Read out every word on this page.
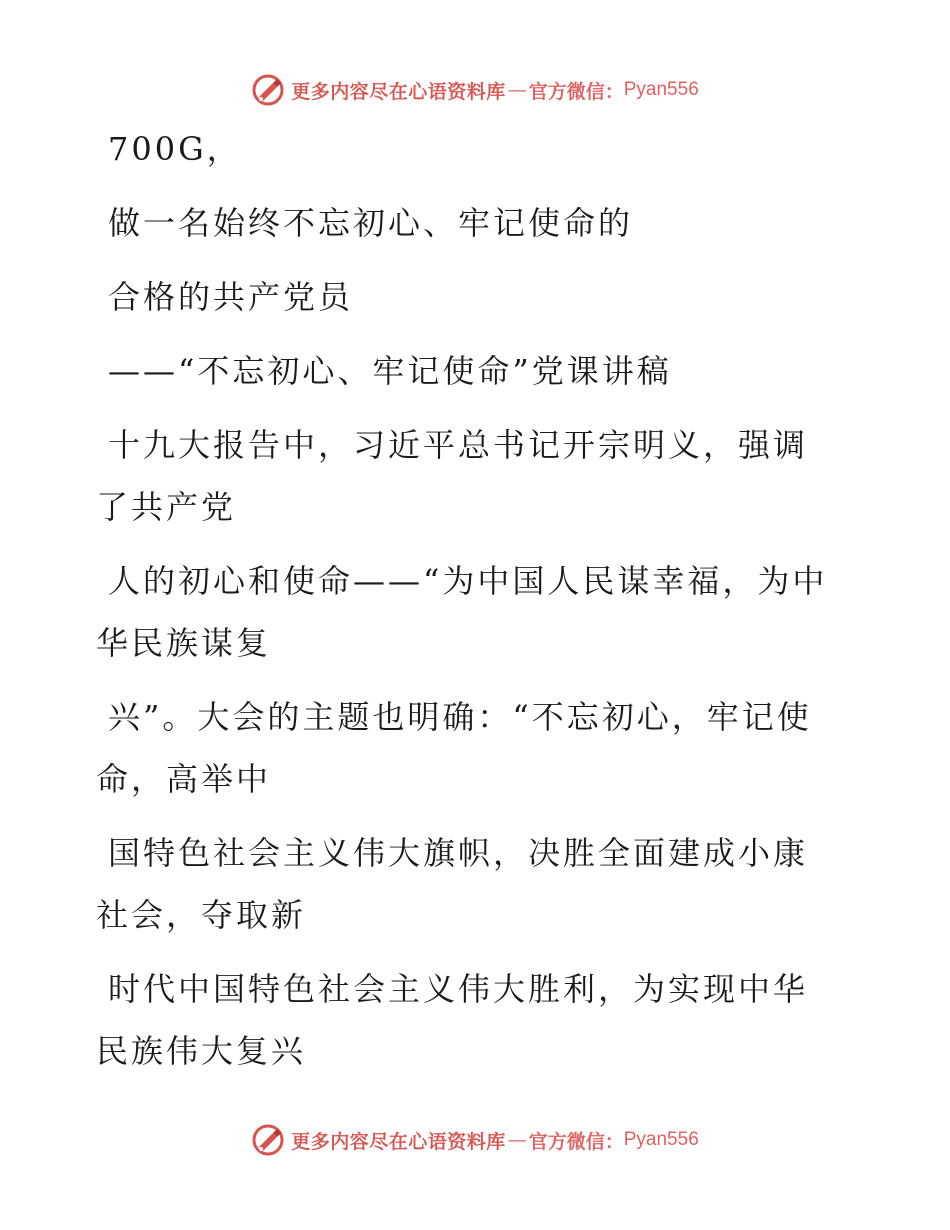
更多内容尽在心语资料库 — 官方微信： Pyan556

700G，

做一名始终不忘初心、牢记使命的

合格的共产党员

——“不忘初心、牢记使命”党课讲稿

十九大报告中，习近平总书记开宗明义，强调了共产党

人的初心和使命——“为中国人民谋幸福，为中华民族谋复

兴”。大会的主题也明确：“不忘初心，牢记使命，高举中

国特色社会主义伟大旗帜，决胜全面建成小康社会，夺取新

时代中国特色社会主义伟大胜利，为实现中华民族伟大复兴

更多内容尽在心语资料库 — 官方微信： Pyan556
